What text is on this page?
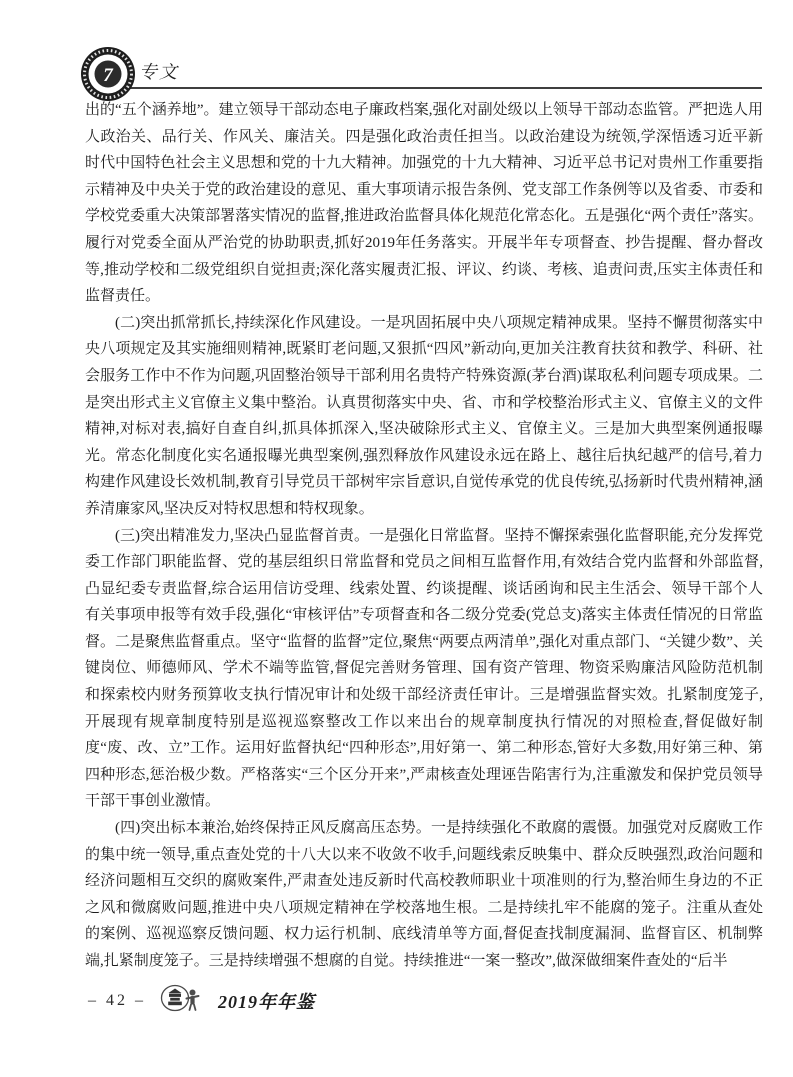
7 专文

出的“五个涵养地”。建立领导干部动态电子廉政档案,强化对副处级以上领导干部动态监管。严把选人用人政治关、品行关、作风关、廉洁关。四是强化政治责任担当。以政治建设为统领,学深悟透习近平新时代中国特色社会主义思想和党的十九大精神。加强党的十九大精神、习近平总书记对贵州工作重要指示精神及中央关于党的政治建设的意见、重大事项请示报告条例、党支部工作条例等以及省委、市委和学校党委重大决策部署落实情况的监督,推进政治监督具体化规范化常态化。五是强化“两个责任”落实。履行对党委全面从严治党的协助职责,抓好2019年任务落实。开展半年专项督查、抄告提醒、督办督改等,推动学校和二级党组织自觉担责;深化落实履责汇报、评议、约谈、考核、追责问责,压实主体责任和监督责任。

(二)突出抓常抓长,持续深化作风建设。一是巩固拓展中央八项规定精神成果。坚持不懈贯彻落实中央八项规定及其实施细则精神,既紧盯老问题,又狠抓“四风”新动向,更加关注教育扶贫和教学、科研、社会服务工作中不作为问题,巩固整治领导干部利用名贵特产特殊资源(茅台酒)谋取私利问题专项成果。二是突出形式主义官僚主义集中整治。认真贯彻落实中央、省、市和学校整治形式主义、官僚主义的文件精神,对标对表,搞好自查自纠,抓具体抓深入,坚决破除形式主义、官僚主义。三是加大典型案例通报曝光。常态化制度化实名通报曝光典型案例,强烈释放作风建设永远在路上、越往后执纪越严的信号,着力构建作风建设长效机制,教育引导党员干部树牢宗旨意识,自觉传承党的优良传统,弘扬新时代贵州精神,涵养清廉家风,坚决反对特权思想和特权现象。

(三)突出精准发力,坚决凸显监督首责。一是强化日常监督。坚持不懈探索强化监督职能,充分发挥党委工作部门职能监督、党的基层组织日常监督和党员之间相互监督作用,有效结合党内监督和外部监督,凸显纪委专责监督,综合运用信访受理、线索处置、约谈提醒、谈话函询和民主生活会、领导干部个人有关事项申报等有效手段,强化“审核评估”专项督查和各二级分党委(党总支)落实主体责任情况的日常监督。二是聚焦监督重点。坚守“监督的监督”定位,聚焦“两要点两清单”,强化对重点部门、“关键少数”、关键岗位、师德师风、学术不端等监管,督促完善财务管理、国有资产管理、物资采购廉洁风险防范机制和探索校内财务预算收支执行情况审计和处级干部经济责任审计。三是增强监督实效。扎紧制度笼子,开展现有规章制度特别是巡视巡察整改工作以来出台的规章制度执行情况的对照检查,督促做好制度“废、改、立”工作。运用好监督执纪“四种形态”,用好第一、第二种形态,管好大多数,用好第三种、第四种形态,惩治极少数。严格落实“三个区分开来”,严肃核查处理诬告陷害行为,注重激发和保护党员领导干部干事创业激情。

(四)突出标本兼治,始终保持正风反腐高压态势。一是持续强化不敢腐的震慑。加强党对反腐败工作的集中统一领导,重点查处党的十八大以来不收敛不收手,问题线索反映集中、群众反映强烈,政治问题和经济问题相互交织的腐败案件,严肃查处违反新时代高校教师职业十项准则的行为,整治师生身边的不正之风和微腐败问题,推进中央八项规定精神在学校落地生根。二是持续扎牢不能腐的笼子。注重从查处的案例、巡视巡察反馈问题、权力运行机制、底线清单等方面,督促查找制度漏洞、监督盲区、机制弊端,扎紧制度笼子。三是持续增强不想腐的自觉。持续推进“一案一整改”,做深做细案件查处的“后半

– 42 –	2019年年鉴
